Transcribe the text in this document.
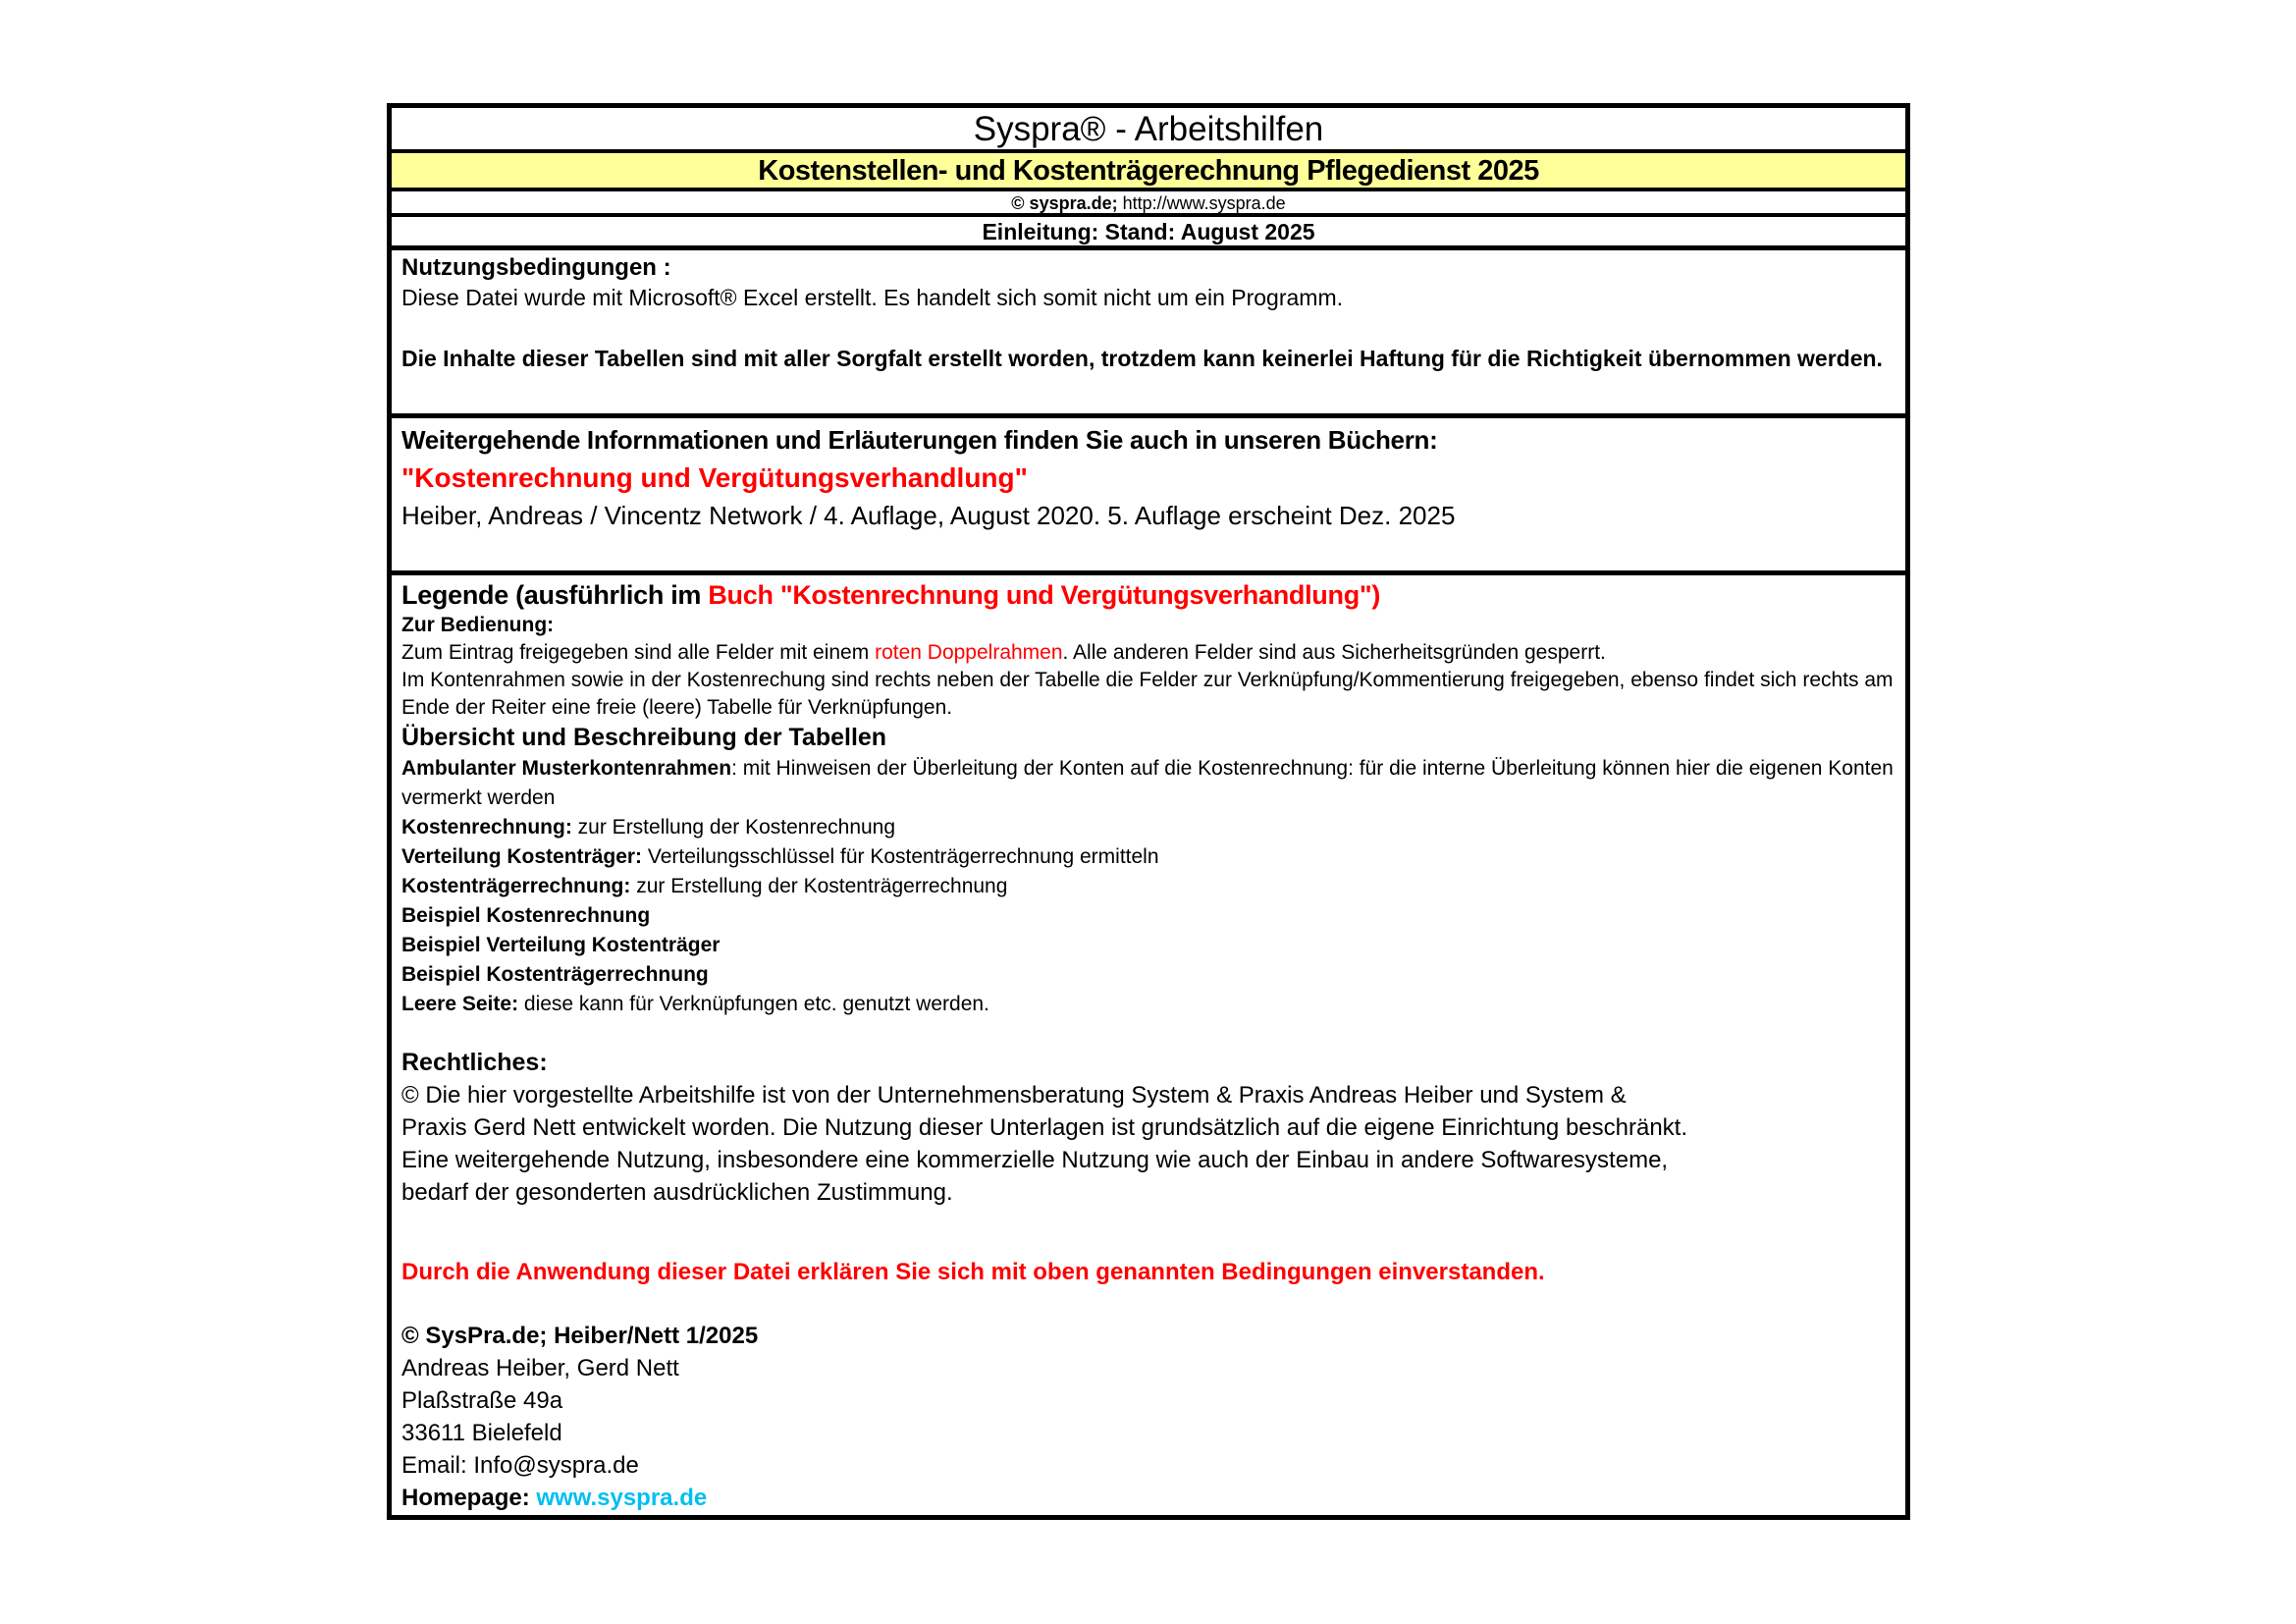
Syspra® - Arbeitshilfen
Kostenstellen- und Kostenträgerechnung Pflegedienst 2025
© syspra.de; http://www.syspra.de
Einleitung: Stand: August 2025
Nutzungsbedingungen :
Diese Datei wurde mit Microsoft® Excel erstellt. Es handelt sich somit nicht um ein Programm.
Die Inhalte dieser Tabellen sind mit aller Sorgfalt erstellt worden, trotzdem kann keinerlei Haftung für die Richtigkeit übernommen werden.
Weitergehende Infornmationen und Erläuterungen finden Sie auch in unseren Büchern:
"Kostenrechnung und Vergütungsverhandlung"
Heiber, Andreas / Vincentz Network / 4. Auflage, August 2020. 5. Auflage erscheint Dez. 2025
Legende (ausführlich im Buch "Kostenrechnung und Vergütungsverhandlung")
Zur Bedienung:
Zum Eintrag freigegeben sind alle Felder mit einem roten Doppelrahmen. Alle anderen Felder sind aus Sicherheitsgründen gesperrt.
Im Kontenrahmen sowie in der Kostenrechung sind rechts neben der Tabelle die Felder zur Verknüpfung/Kommentierung freigegeben, ebenso findet sich rechts am Ende der Reiter eine freie (leere) Tabelle für Verknüpfungen.
Übersicht und Beschreibung der Tabellen
Ambulanter Musterkontenrahmen: mit Hinweisen der Überleitung der Konten auf die Kostenrechnung: für die interne Überleitung können hier die eigenen Konten vermerkt werden
Kostenrechnung: zur Erstellung der Kostenrechnung
Verteilung Kostenträger: Verteilungsschlüssel für Kostenträgerrechnung ermitteln
Kostenträgerrechnung: zur Erstellung der Kostenträgerrechnung
Beispiel Kostenrechnung
Beispiel Verteilung Kostenträger
Beispiel Kostenträgerrechnung
Leere Seite: diese kann für Verknüpfungen etc. genutzt werden.
Rechtliches:
© Die hier vorgestellte Arbeitshilfe ist von der Unternehmensberatung System & Praxis Andreas Heiber und System & Praxis Gerd Nett entwickelt worden. Die Nutzung dieser Unterlagen ist grundsätzlich auf die eigene Einrichtung beschränkt. Eine weitergehende Nutzung, insbesondere eine kommerzielle Nutzung wie auch der Einbau in andere Softwaresysteme, bedarf der gesonderten ausdrücklichen Zustimmung.
Durch die Anwendung dieser Datei erklären Sie sich mit oben genannten Bedingungen einverstanden.
© SysPra.de; Heiber/Nett 1/2025
Andreas Heiber, Gerd Nett
Plaßstraße 49a
33611 Bielefeld
Email: Info@syspra.de
Homepage: www.syspra.de
